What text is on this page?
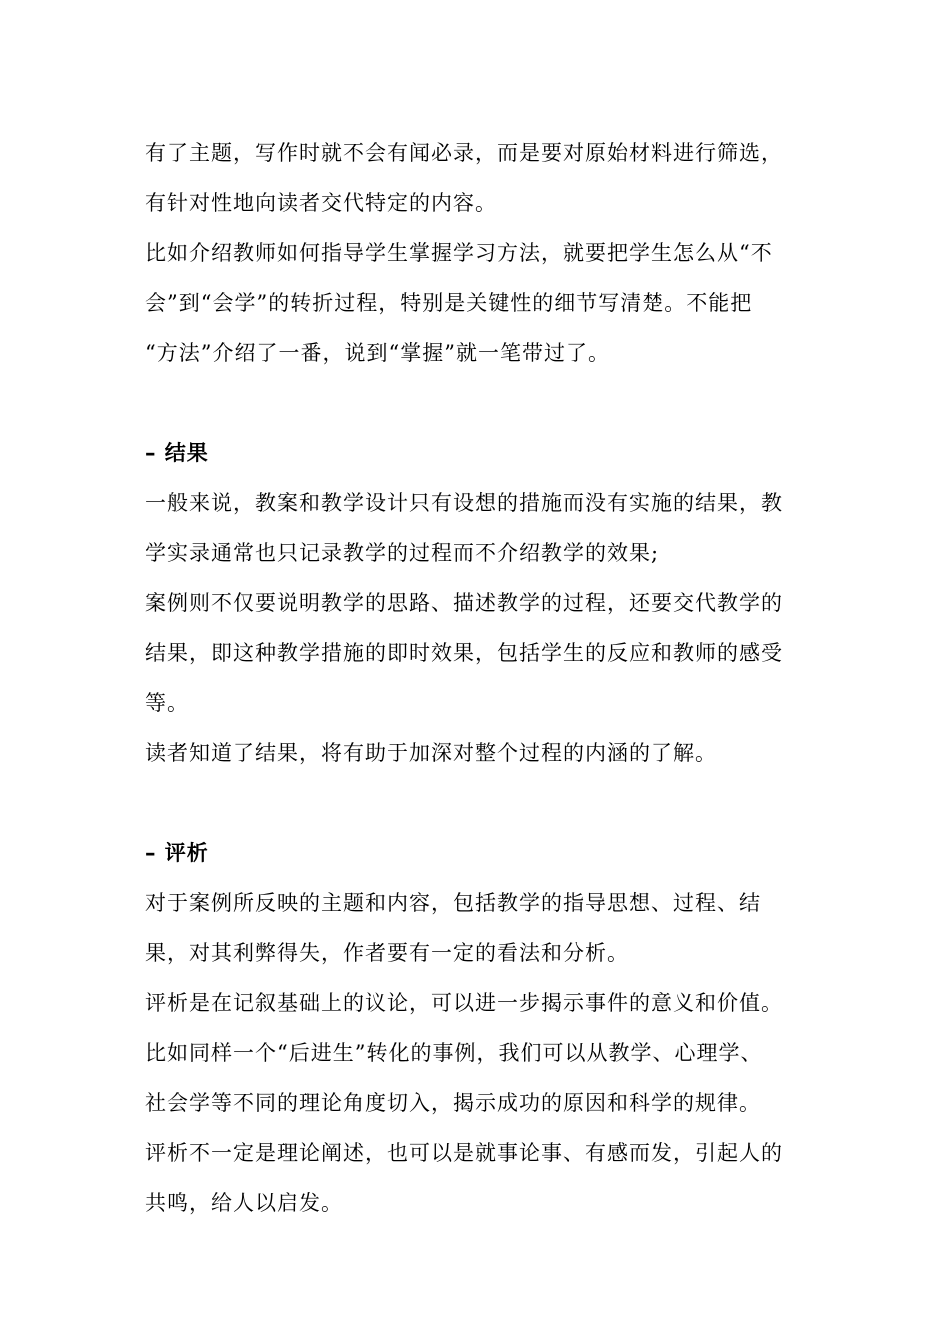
有了主题，写作时就不会有闻必录，而是要对原始材料进行筛选，
有针对性地向读者交代特定的内容。
比如介绍教师如何指导学生掌握学习方法，就要把学生怎么从“不
会”到“会学”的转折过程，特别是关键性的细节写清楚。不能把
“方法”介绍了一番，说到“掌握”就一笔带过了。
– 结果
一般来说，教案和教学设计只有设想的措施而没有实施的结果，教
学实录通常也只记录教学的过程而不介绍教学的效果;
案例则不仅要说明教学的思路、描述教学的过程，还要交代教学的
结果，即这种教学措施的即时效果，包括学生的反应和教师的感受
等。
读者知道了结果，将有助于加深对整个过程的内涵的了解。
– 评析
对于案例所反映的主题和内容，包括教学的指导思想、过程、结
果，对其利弊得失，作者要有一定的看法和分析。
评析是在记叙基础上的议论，可以进一步揭示事件的意义和价值。
比如同样一个“后进生”转化的事例，我们可以从教学、心理学、
社会学等不同的理论角度切入，揭示成功的原因和科学的规律。
评析不一定是理论阐述，也可以是就事论事、有感而发，引起人的
共鸣，给人以启发。
